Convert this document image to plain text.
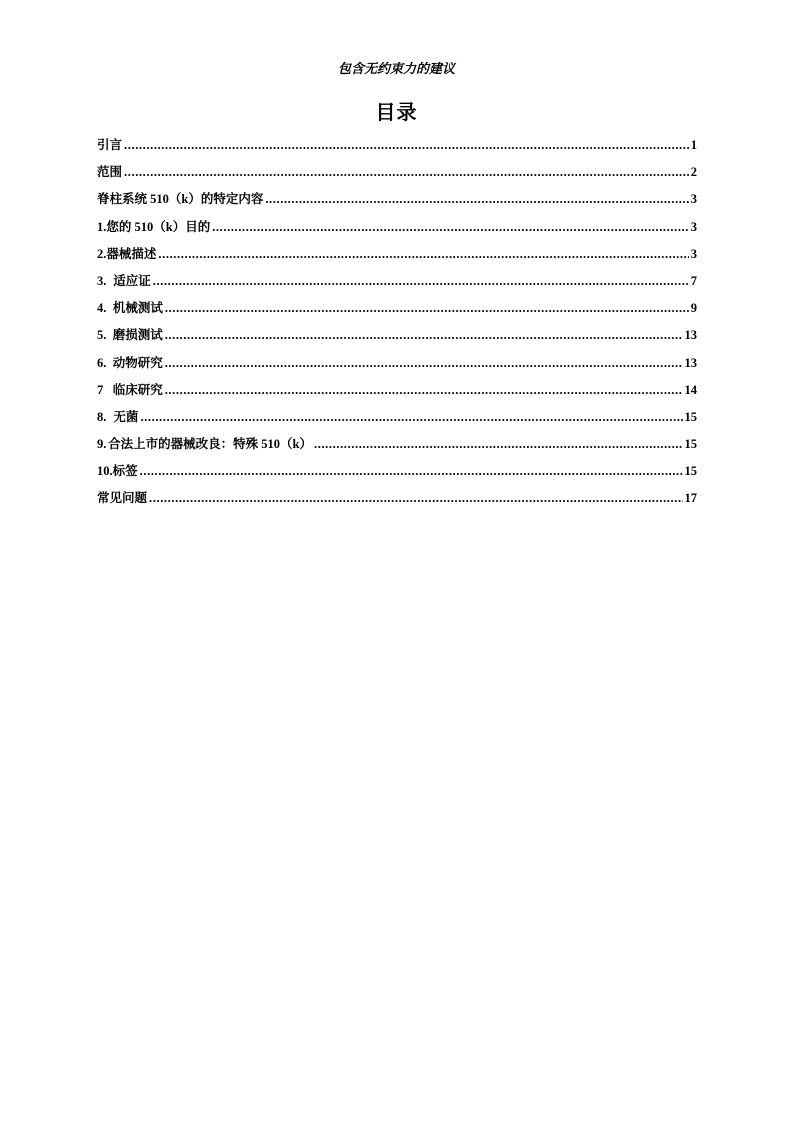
包含无约束力的建议
目录
引言 .....	1
范围 .....	2
脊柱系统 510（k）的特定内容 .....	3
1.您的 510（k）目的 .....	3
2.器械描述 .....	3
3. 适应证 .....	7
4. 机械测试 .....	9
5. 磨损测试 .....	13
6. 动物研究 .....	13
7 临床研究 .....	14
8. 无菌 .....	15
9. 合法上市的器械改良：特殊 510（k） .....	15
10.标签 .....	15
常见问题 .....	17
